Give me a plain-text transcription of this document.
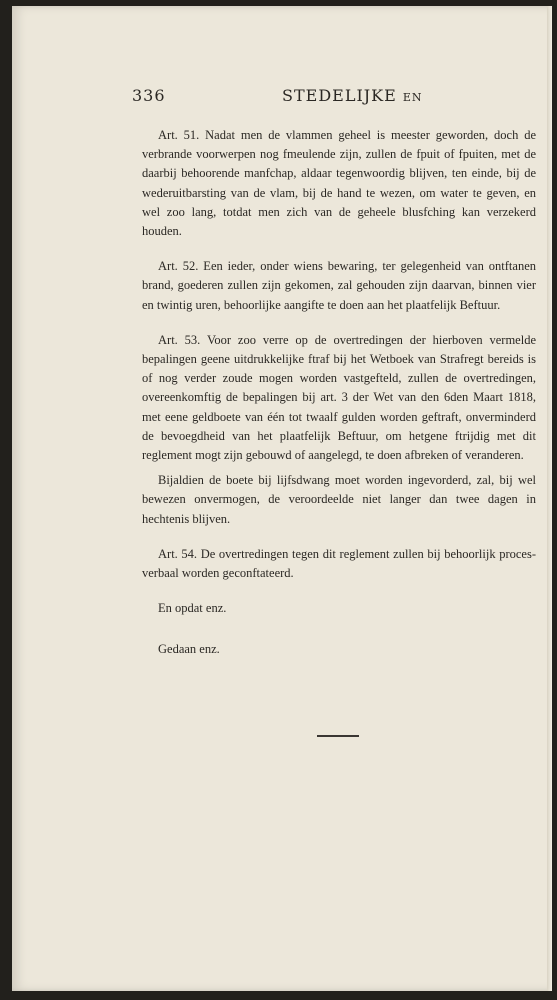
336	STEDELIJKE EN

Art. 51. Nadat men de vlammen geheel is meester geworden, doch de verbrande voorwerpen nog fmeulende zijn, zullen de fpuit of fpuiten, met de daarbij behoorende manfchap, aldaar tegenwoordig blijven, ten einde, bij de wederuitbarsting van de vlam, bij de hand te wezen, om water te geven, en wel zoo lang, totdat men zich van de geheele blusfching kan verzekerd houden.

Art. 52. Een ieder, onder wiens bewaring, ter gelegenheid van ontftanen brand, goederen zullen zijn gekomen, zal gehouden zijn daarvan, binnen vier en twintig uren, behoorlijke aangifte te doen aan het plaatfelijk Beftuur.

Art. 53. Voor zoo verre op de overtredingen der hierboven vermelde bepalingen geene uitdrukkelijke ftraf bij het Wetboek van Strafregt bereids is of nog verder zoude mogen worden vastgefteld, zullen de overtredingen, overeenkomftig de bepalingen bij art. 3 der Wet van den 6den Maart 1818, met eene geldboete van één tot twaalf gulden worden geftraft, onverminderd de bevoegdheid van het plaatfelijk Beftuur, om hetgene ftrijdig met dit reglement mogt zijn gebouwd of aangelegd, te doen afbreken of veranderen.

Bijaldien de boete bij lijfsdwang moet worden ingevorderd, zal, bij wel bewezen onvermogen, de veroordeelde niet langer dan twee dagen in hechtenis blijven.

Art. 54. De overtredingen tegen dit reglement zullen bij behoorlijk proces-verbaal worden geconftateerd.

En opdat enz.

Gedaan enz.
